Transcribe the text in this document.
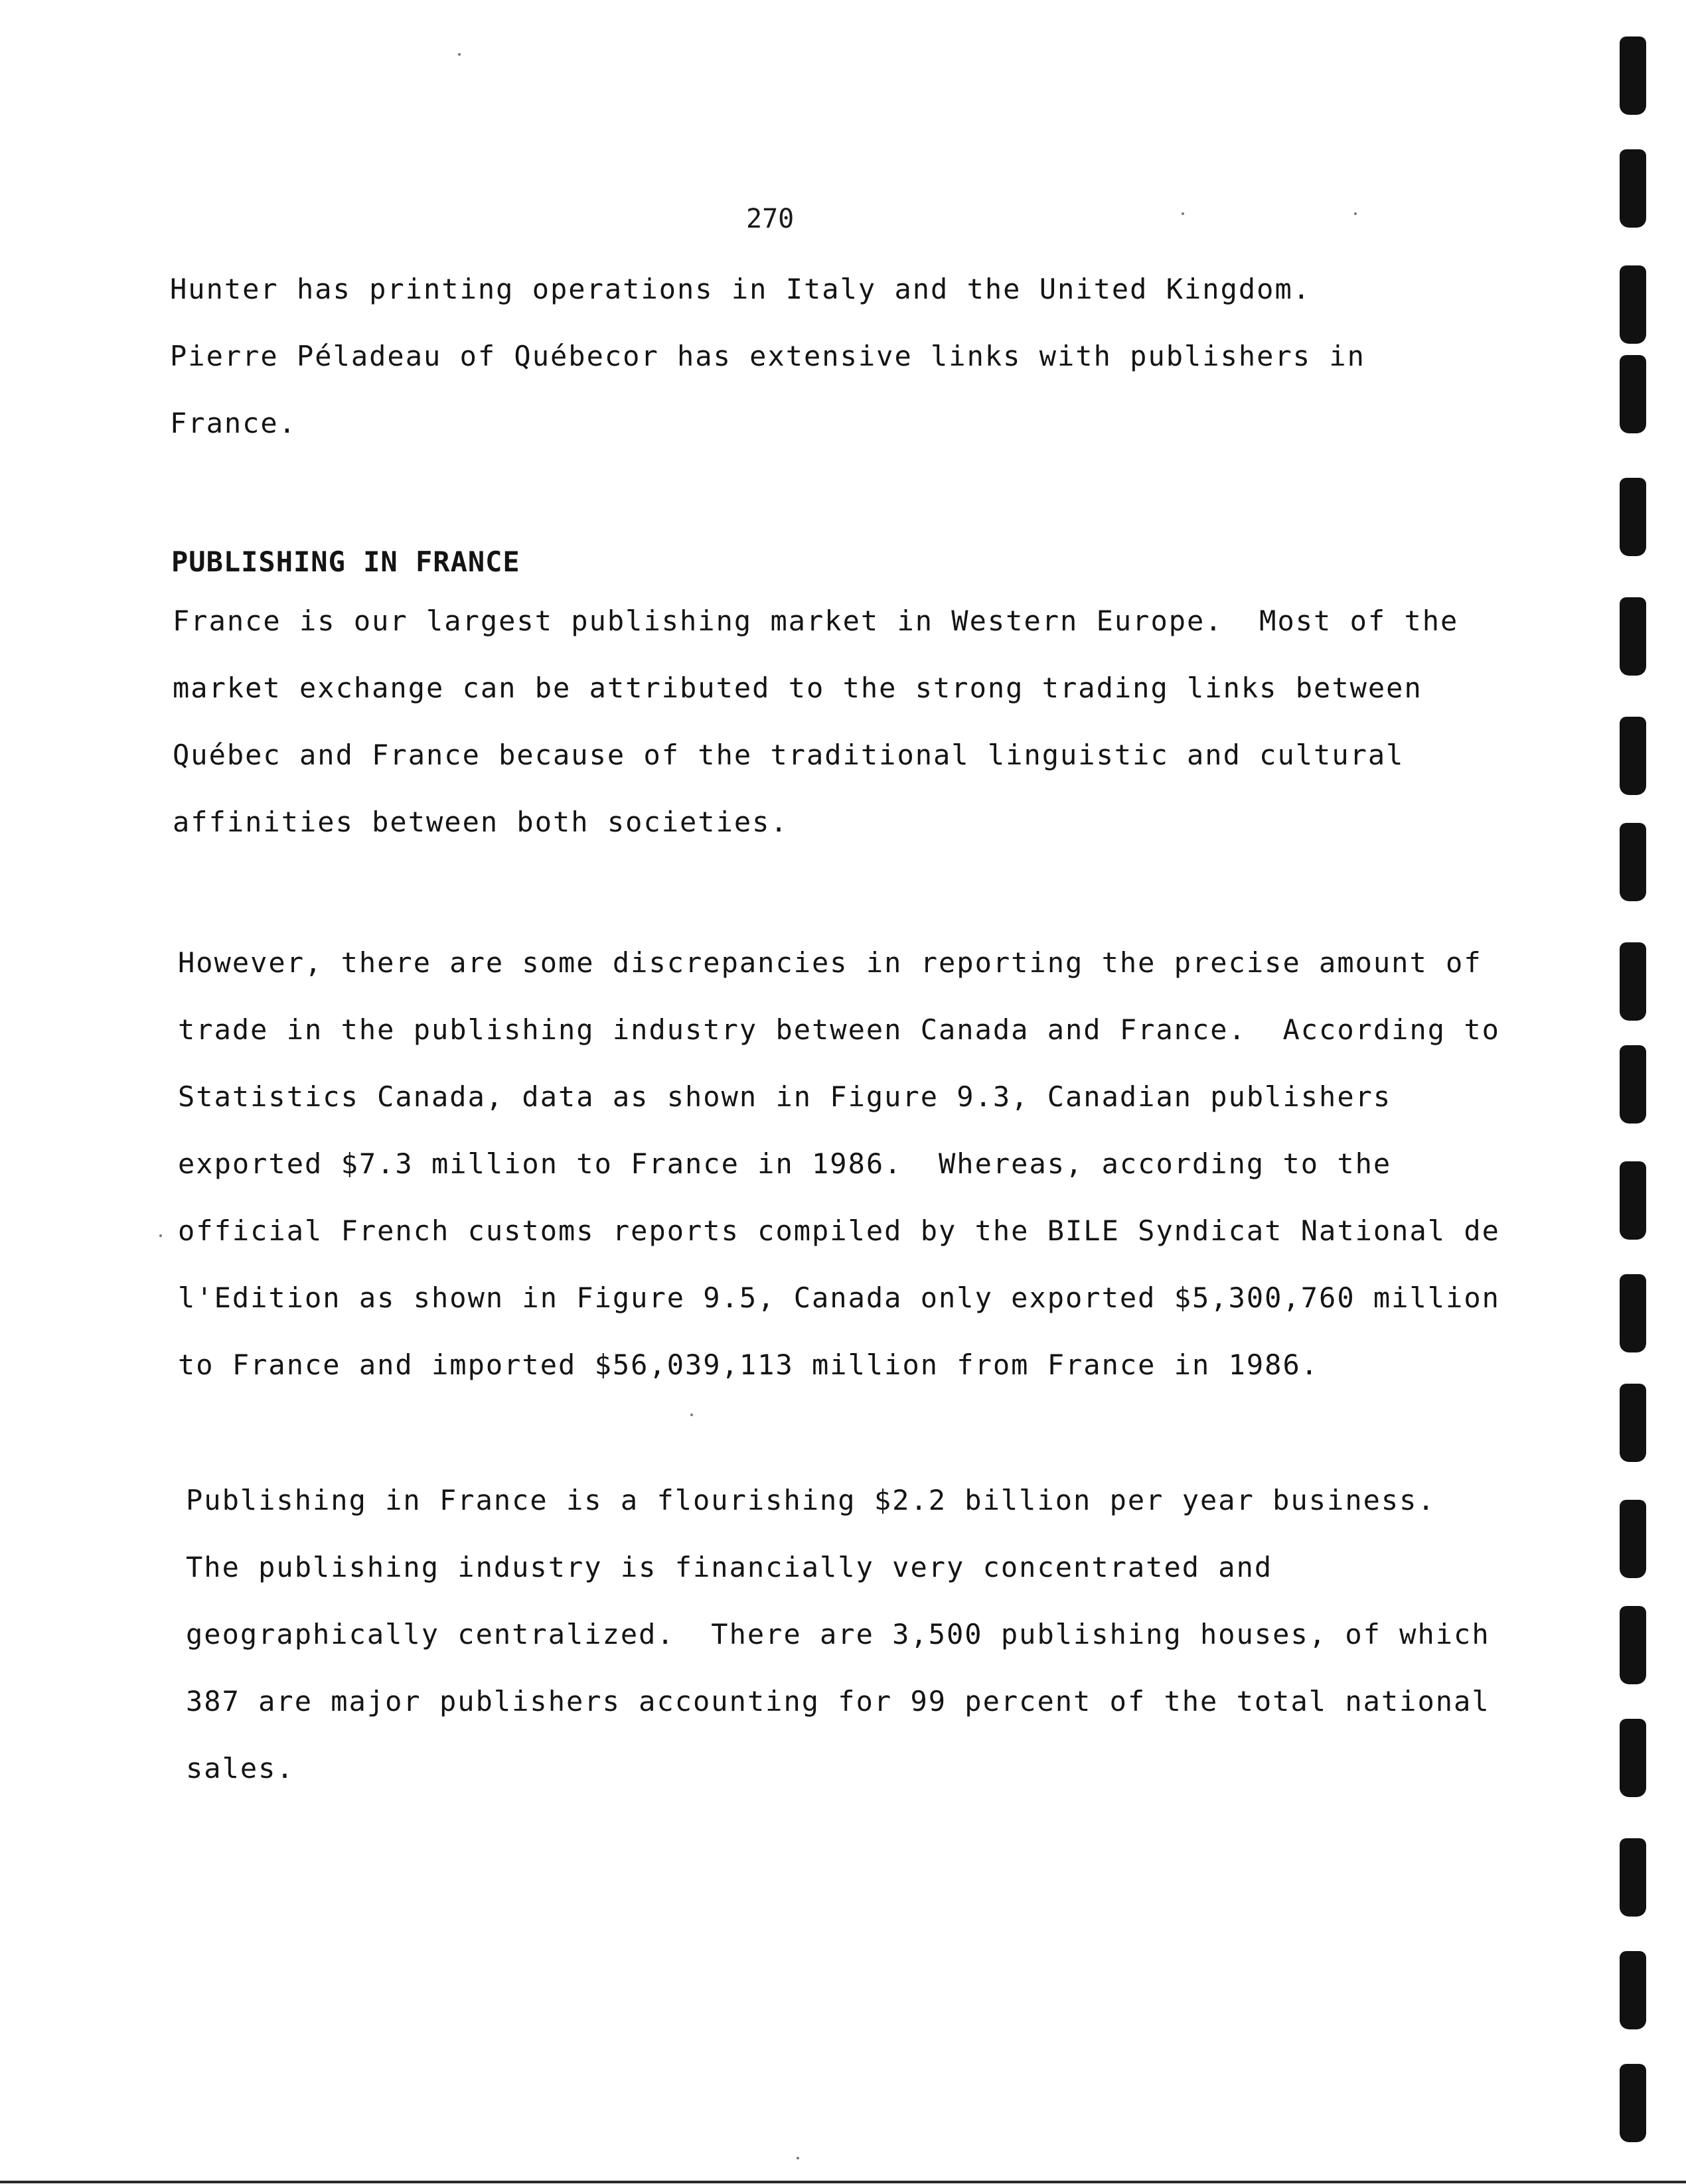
270
Hunter has printing operations in Italy and the United Kingdom.
Pierre Péladeau of Québecor has extensive links with publishers in
France.
PUBLISHING IN FRANCE
France is our largest publishing market in Western Europe.  Most of the
market exchange can be attributed to the strong trading links between
Québec and France because of the traditional linguistic and cultural
affinities between both societies.
However, there are some discrepancies in reporting the precise amount of
trade in the publishing industry between Canada and France.  According to
Statistics Canada, data as shown in Figure 9.3, Canadian publishers
exported $7.3 million to France in 1986.  Whereas, according to the
official French customs reports compiled by the BILE Syndicat National de
l'Edition as shown in Figure 9.5, Canada only exported $5,300,760 million
to France and imported $56,039,113 million from France in 1986.
Publishing in France is a flourishing $2.2 billion per year business.
The publishing industry is financially very concentrated and
geographically centralized.  There are 3,500 publishing houses, of which
387 are major publishers accounting for 99 percent of the total national
sales.
